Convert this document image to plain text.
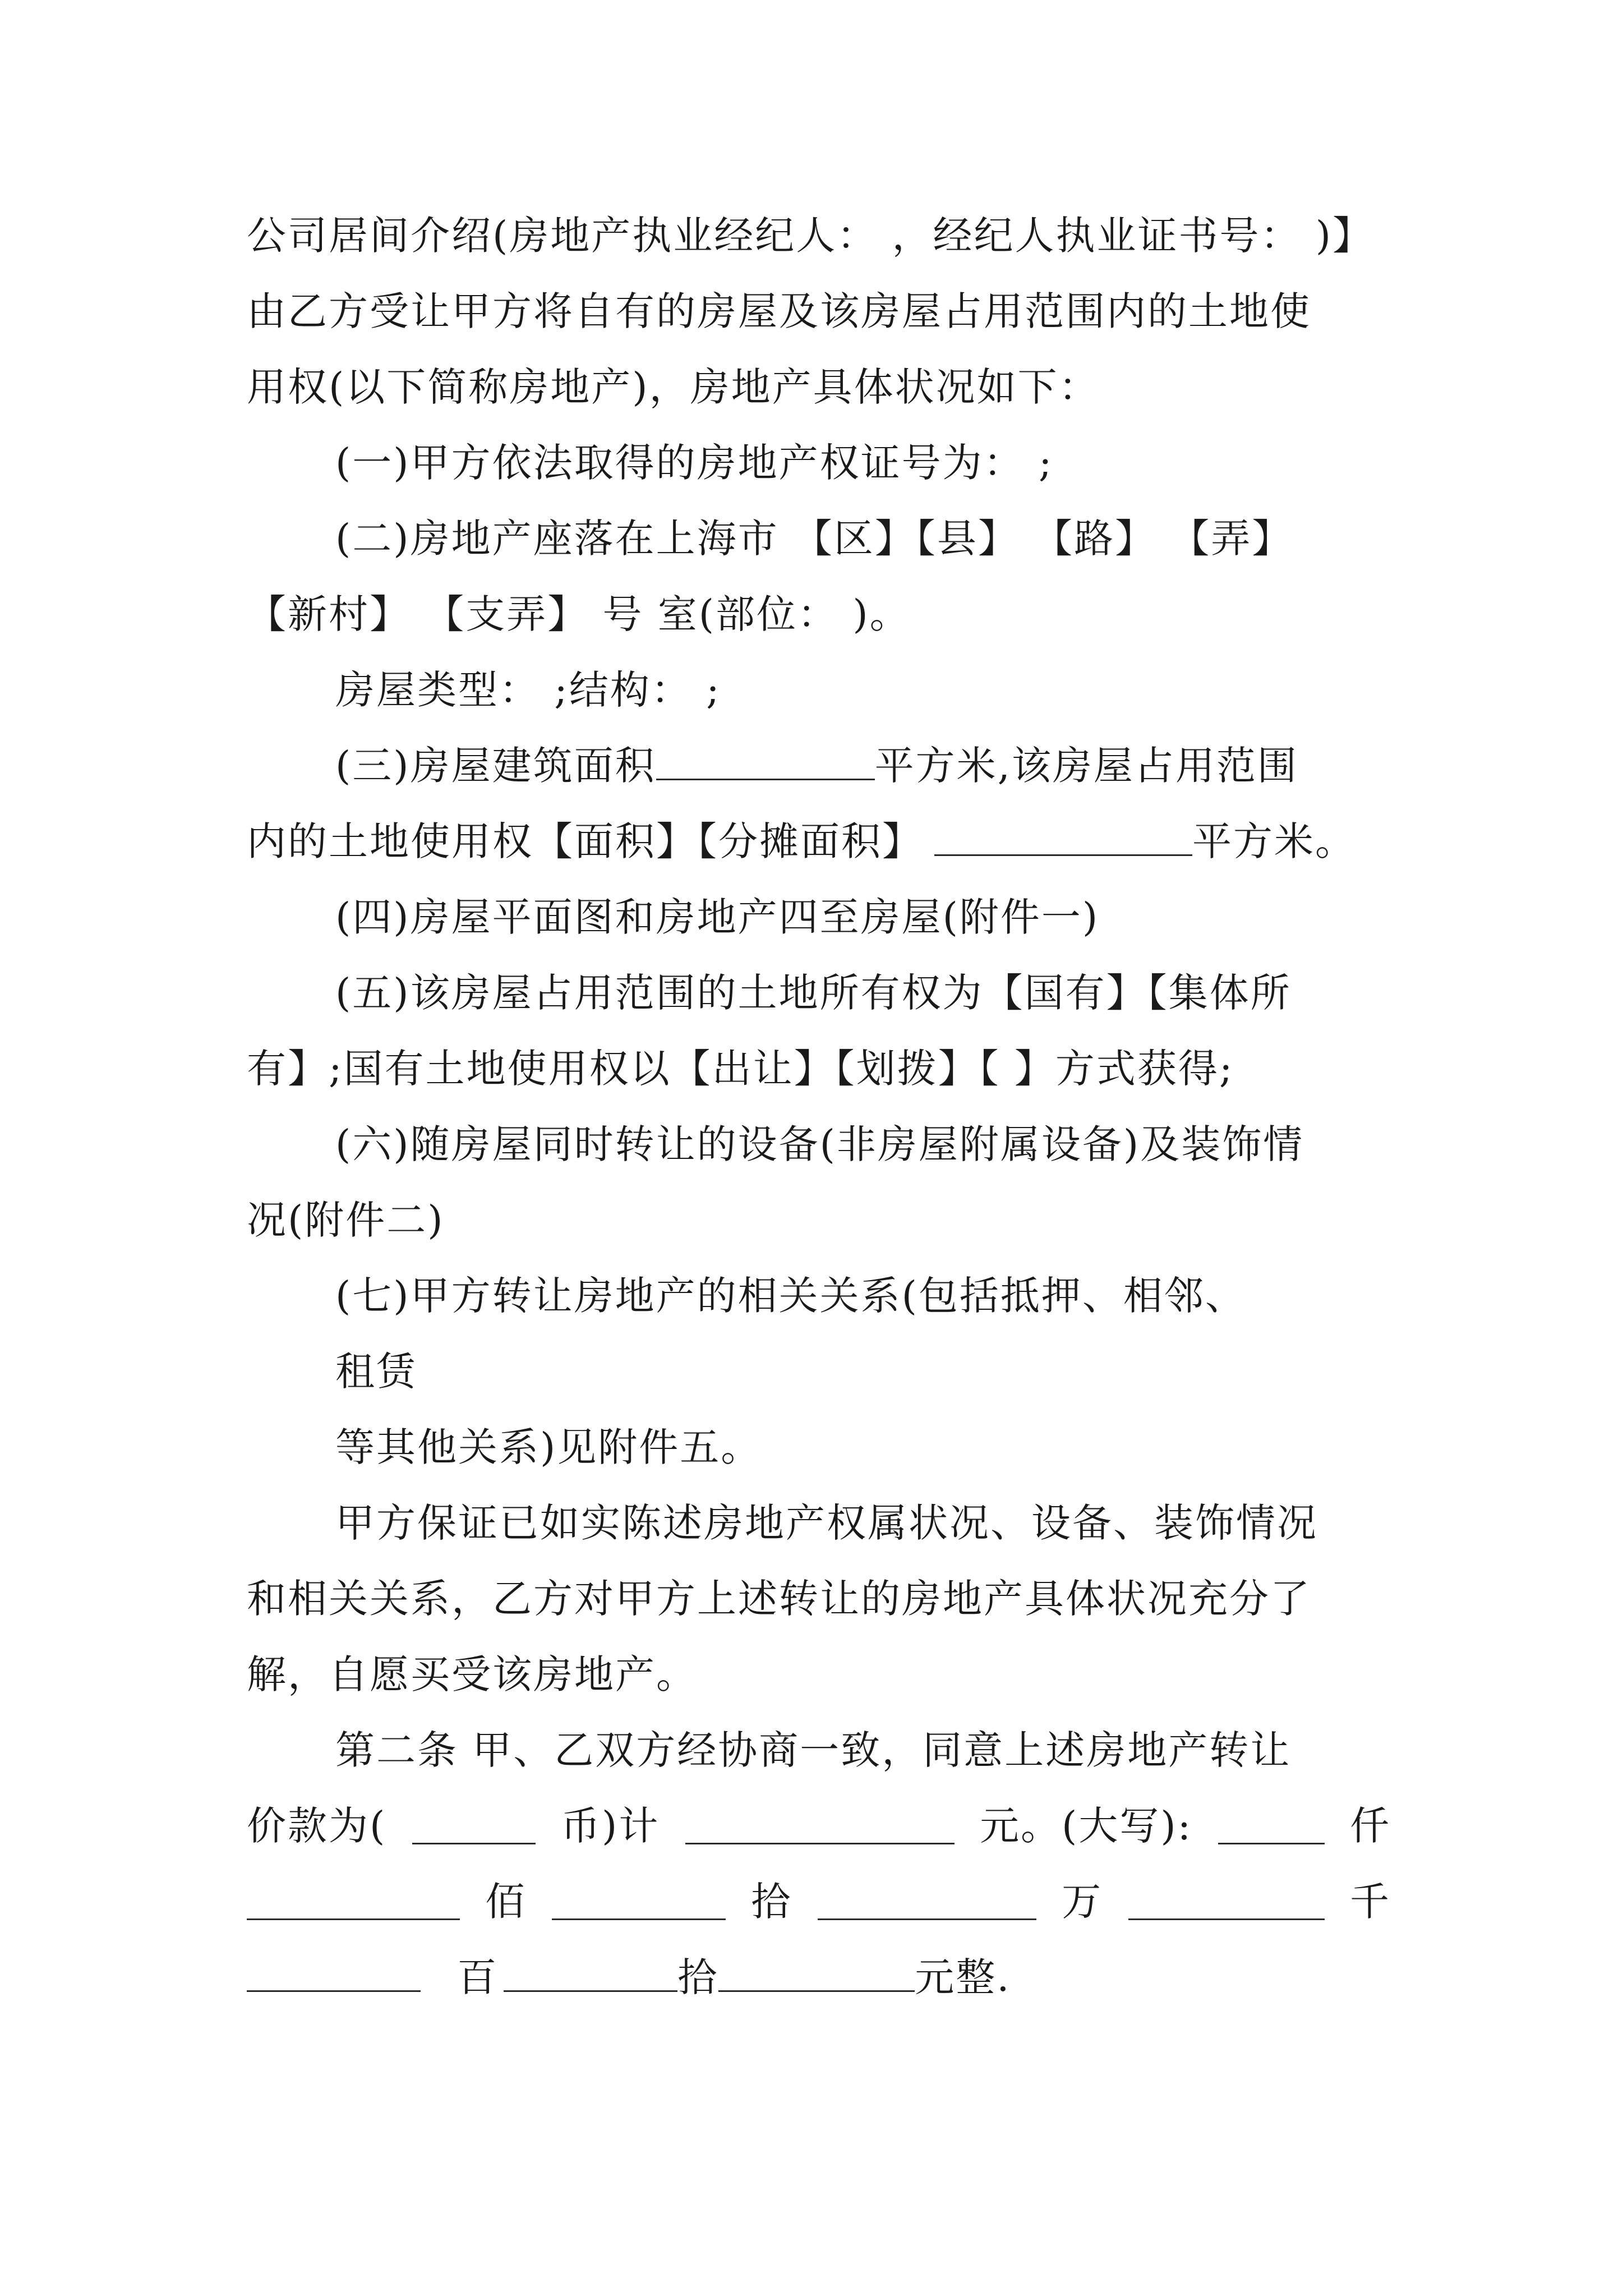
公司居间介绍(房地产执业经纪人： ，经纪人执业证书号： )】
由乙方受让甲方将自有的房屋及该房屋占用范围内的土地使
用权(以下简称房地产)，房地产具体状况如下：
(一)甲方依法取得的房地产权证号为： ;
(二)房地产座落在上海市 【区】【县】 【路】 【弄】
【新村】 【支弄】 号 室(部位： )。
房屋类型： ;结构： ;
(三)房屋建筑面积	平方米,该房屋占用范围
内的土地使用权【面积】【分摊面积】	平方米。
(四)房屋平面图和房地产四至房屋(附件一)
(五)该房屋占用范围的土地所有权为【国有】【集体所
有】;国有土地使用权以【出让】【划拨】【 】方式获得;
(六)随房屋同时转让的设备(非房屋附属设备)及装饰情
况(附件二)
(七)甲方转让房地产的相关关系(包括抵押、相邻、
租赁
等其他关系)见附件五。
甲方保证已如实陈述房地产权属状况、设备、装饰情况
和相关关系，乙方对甲方上述转让的房地产具体状况充分了
解，自愿买受该房地产。
第二条 甲、乙双方经协商一致，同意上述房地产转让
价款为(	币)计	元。(大写):	仟
佰	拾	万	千
百	拾	元整.
